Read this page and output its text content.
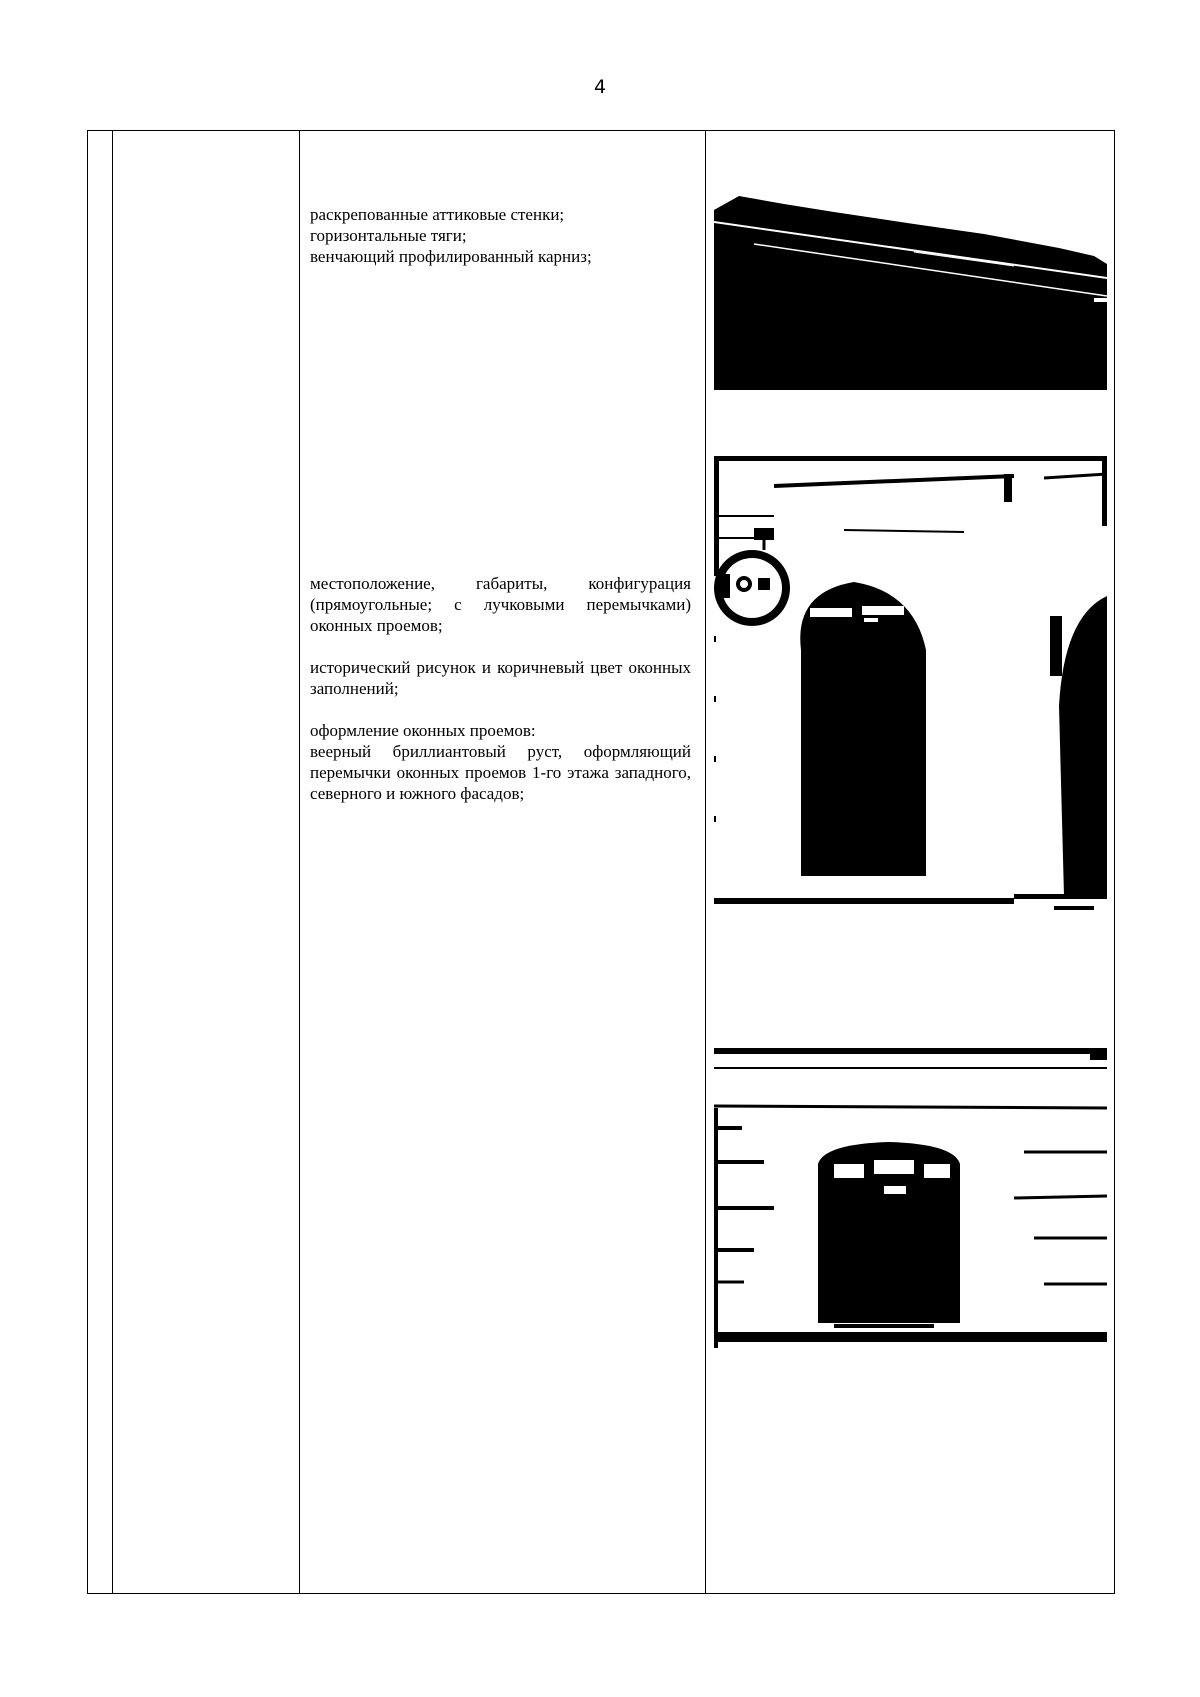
4

раскрепованные аттиковые стенки;

горизонтальные тяги;

венчающий профилированный карниз;

местоположение, габариты, конфигурация (прямоугольные; с лучковыми перемычками) оконных проемов;

исторический рисунок и коричневый цвет оконных заполнений;

оформление оконных проемов:

веерный бриллиантовый руст, оформляющий перемычки оконных проемов 1-го этажа западного, северного и южного фасадов;
